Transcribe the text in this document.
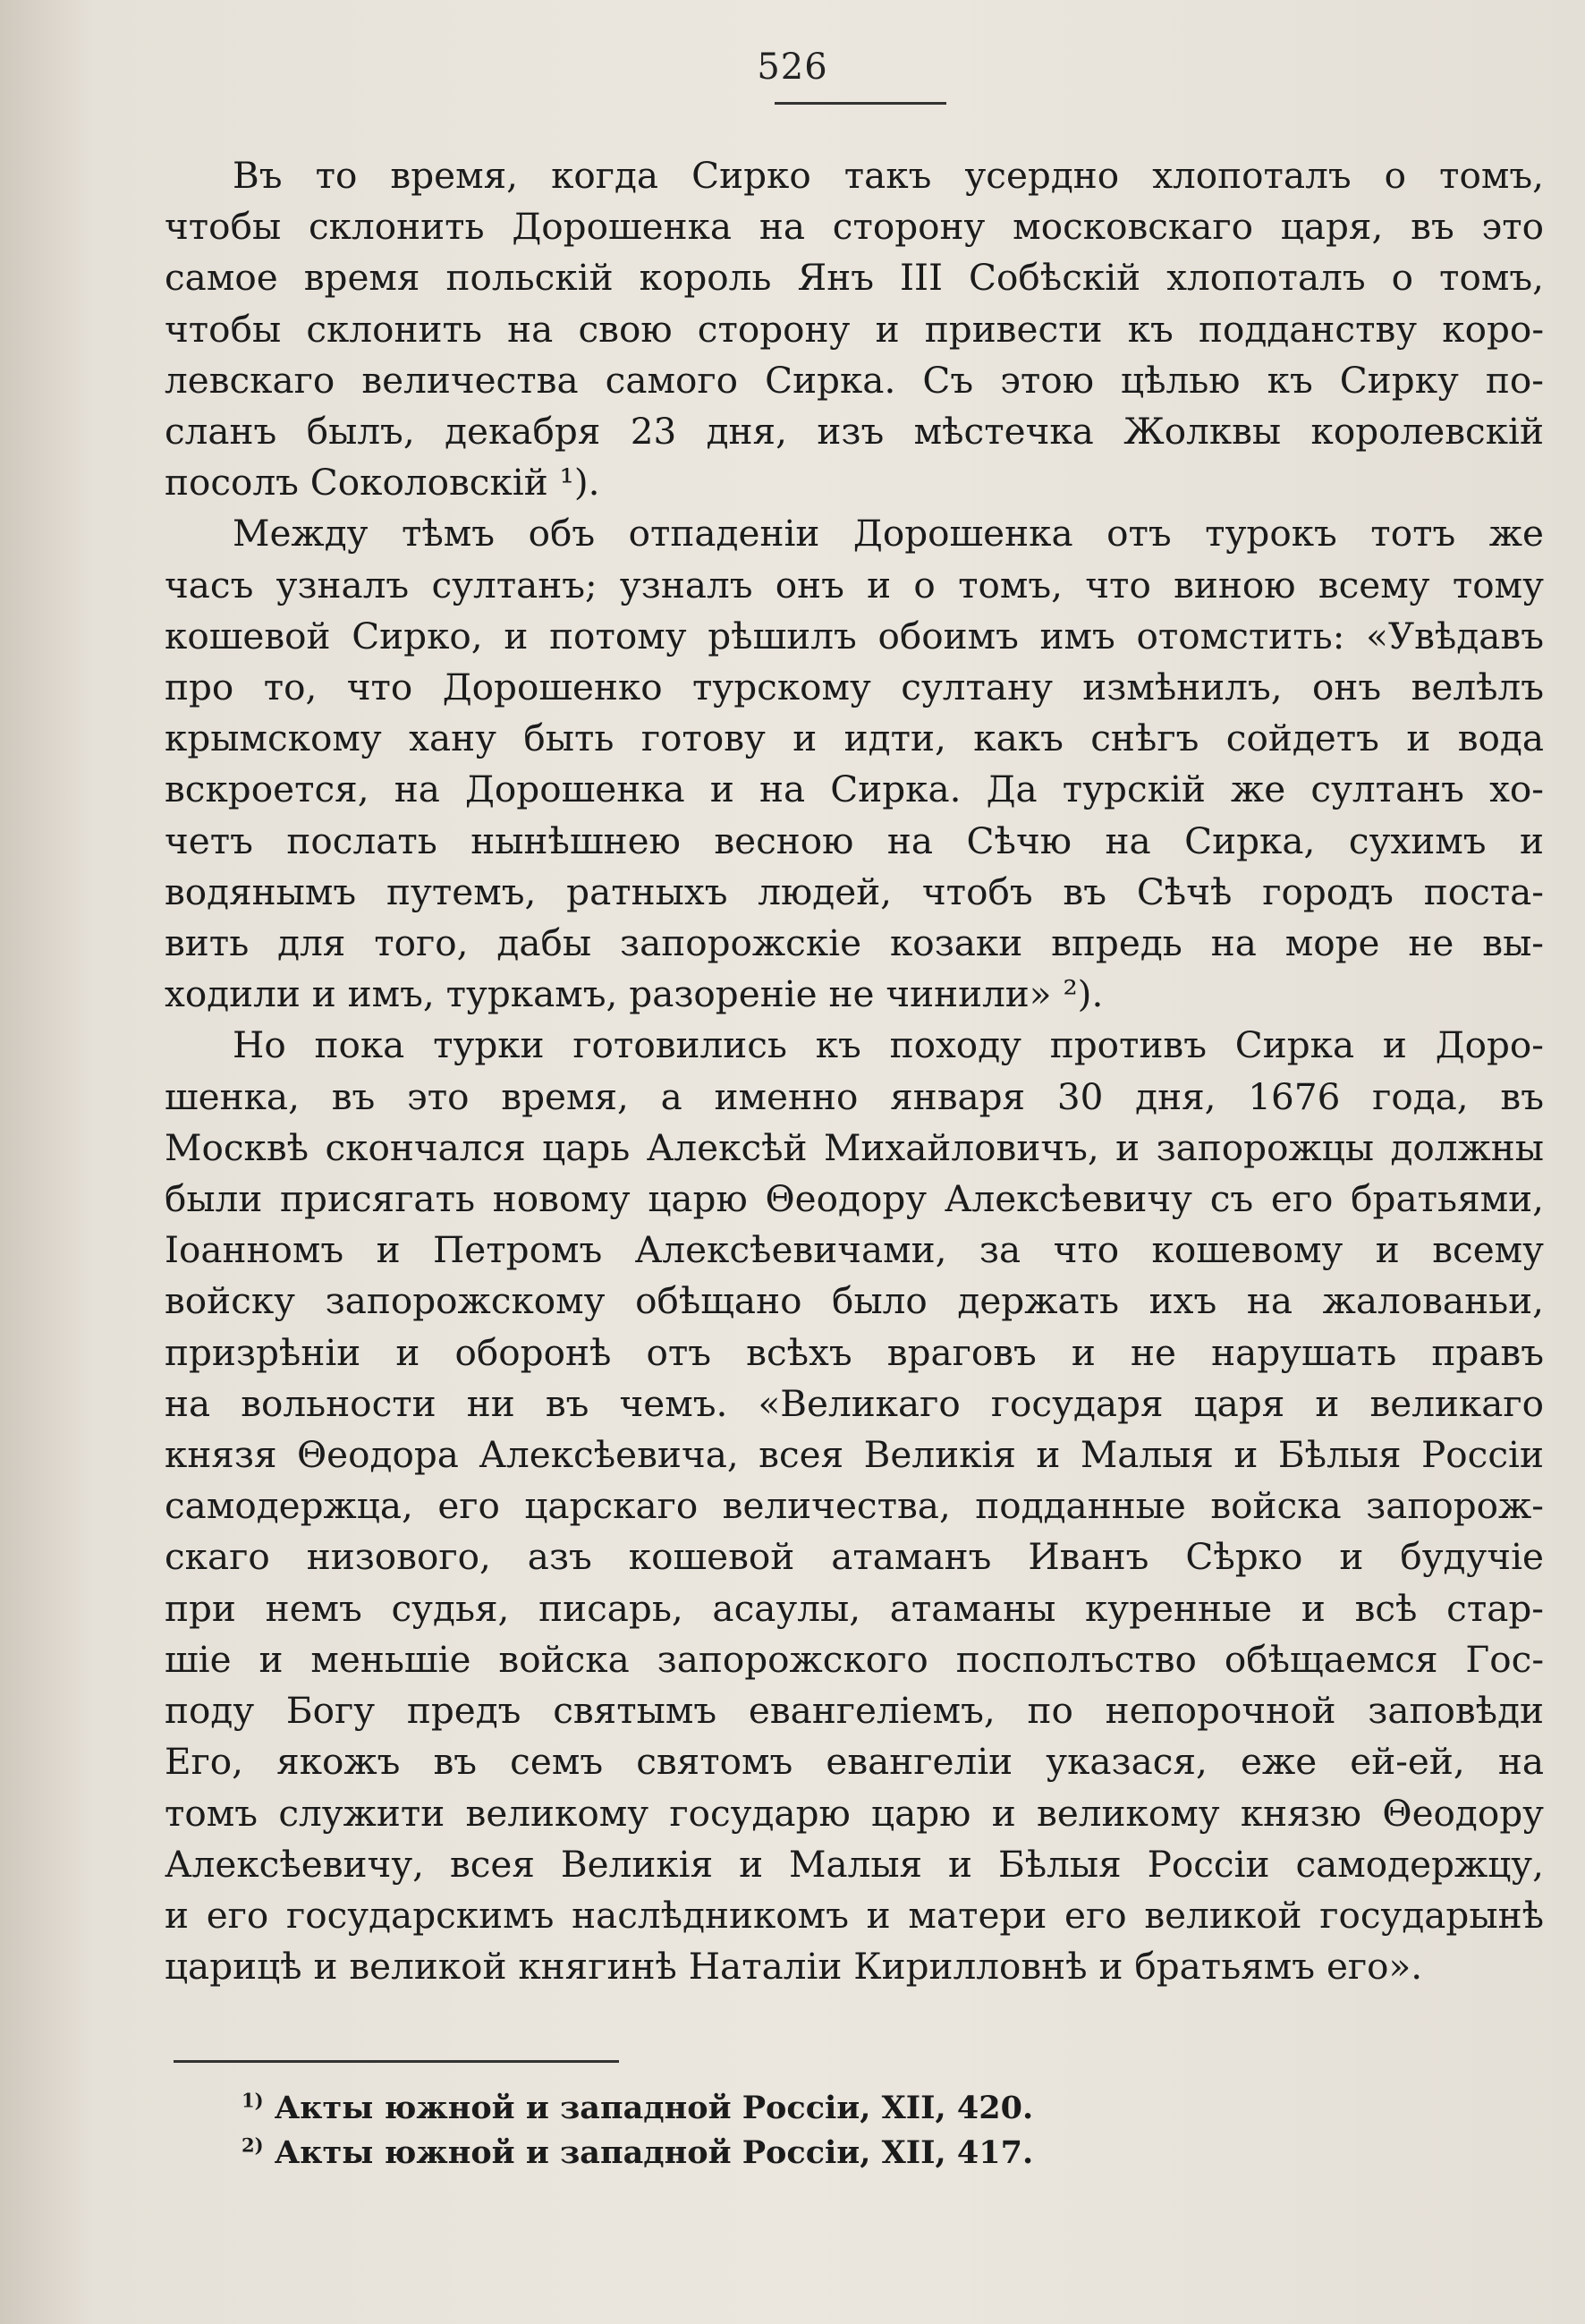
526
Въ то время, когда Сирко такъ усердно хлопоталъ о томъ,
чтобы склонить Дорошенка на сторону московскаго царя, въ это
самое время польскій король Янъ III Собѣскій хлопоталъ о томъ,
чтобы склонить на свою сторону и привести къ подданству коро-
левскаго величества самого Сирка. Съ этою цѣлью къ Сирку по-
сланъ былъ, декабря 23 дня, изъ мѣстечка Жолквы королевскій
посолъ Соколовскій ¹).
Между тѣмъ объ отпаденіи Дорошенка отъ турокъ тотъ же
часъ узналъ султанъ; узналъ онъ и о томъ, что виною всему тому
кошевой Сирко, и потому рѣшилъ обоимъ имъ отомстить: «Увѣдавъ
про то, что Дорошенко турскому султану измѣнилъ, онъ велѣлъ
крымскому хану быть готову и идти, какъ снѣгъ сойдетъ и вода
вскроется, на Дорошенка и на Сирка. Да турскій же султанъ хо-
четъ послать нынѣшнею весною на Сѣчю на Сирка, сухимъ и
водянымъ путемъ, ратныхъ людей, чтобъ въ Сѣчѣ городъ поста-
вить для того, дабы запорожскіе козаки впредь на море не вы-
ходили и имъ, туркамъ, разореніе не чинили» ²).
Но пока турки готовились къ походу противъ Сирка и Доро-
шенка, въ это время, а именно января 30 дня, 1676 года, въ
Москвѣ скончался царь Алексѣй Михайловичъ, и запорожцы должны
были присягать новому царю Θеодору Алексѣевичу съ его братьями,
Іоанномъ и Петромъ Алексѣевичами, за что кошевому и всему
войску запорожскому обѣщано было держать ихъ на жалованьи,
призрѣніи и оборонѣ отъ всѣхъ враговъ и не нарушать правъ
на вольности ни въ чемъ. «Великаго государя царя и великаго
князя Θеодора Алексѣевича, всея Великія и Малыя и Бѣлыя Россіи
самодержца, его царскаго величества, подданные войска запорож-
скаго низового, азъ кошевой атаманъ Иванъ Сѣрко и будучіе
при немъ судья, писарь, асаулы, атаманы куренные и всѣ стар-
шіе и меньшіе войска запорожского посполъство обѣщаемся Гос-
поду Богу предъ святымъ евангеліемъ, по непорочной заповѣди
Его, якожъ въ семъ святомъ евангеліи указася, еже ей-ей, на
томъ служити великому государю царю и великому князю Θеодору
Алексѣевичу, всея Великія и Малыя и Бѣлыя Россіи самодержцу,
и его государскимъ наслѣдникомъ и матери его великой государынѣ
царицѣ и великой княгинѣ Наталіи Кирилловнѣ и братьямъ его».
$^{1)}$ Акты южной и западной Россіи, XII, 420.
$^{2)}$ Акты южной и западной Россіи, XII, 417.
